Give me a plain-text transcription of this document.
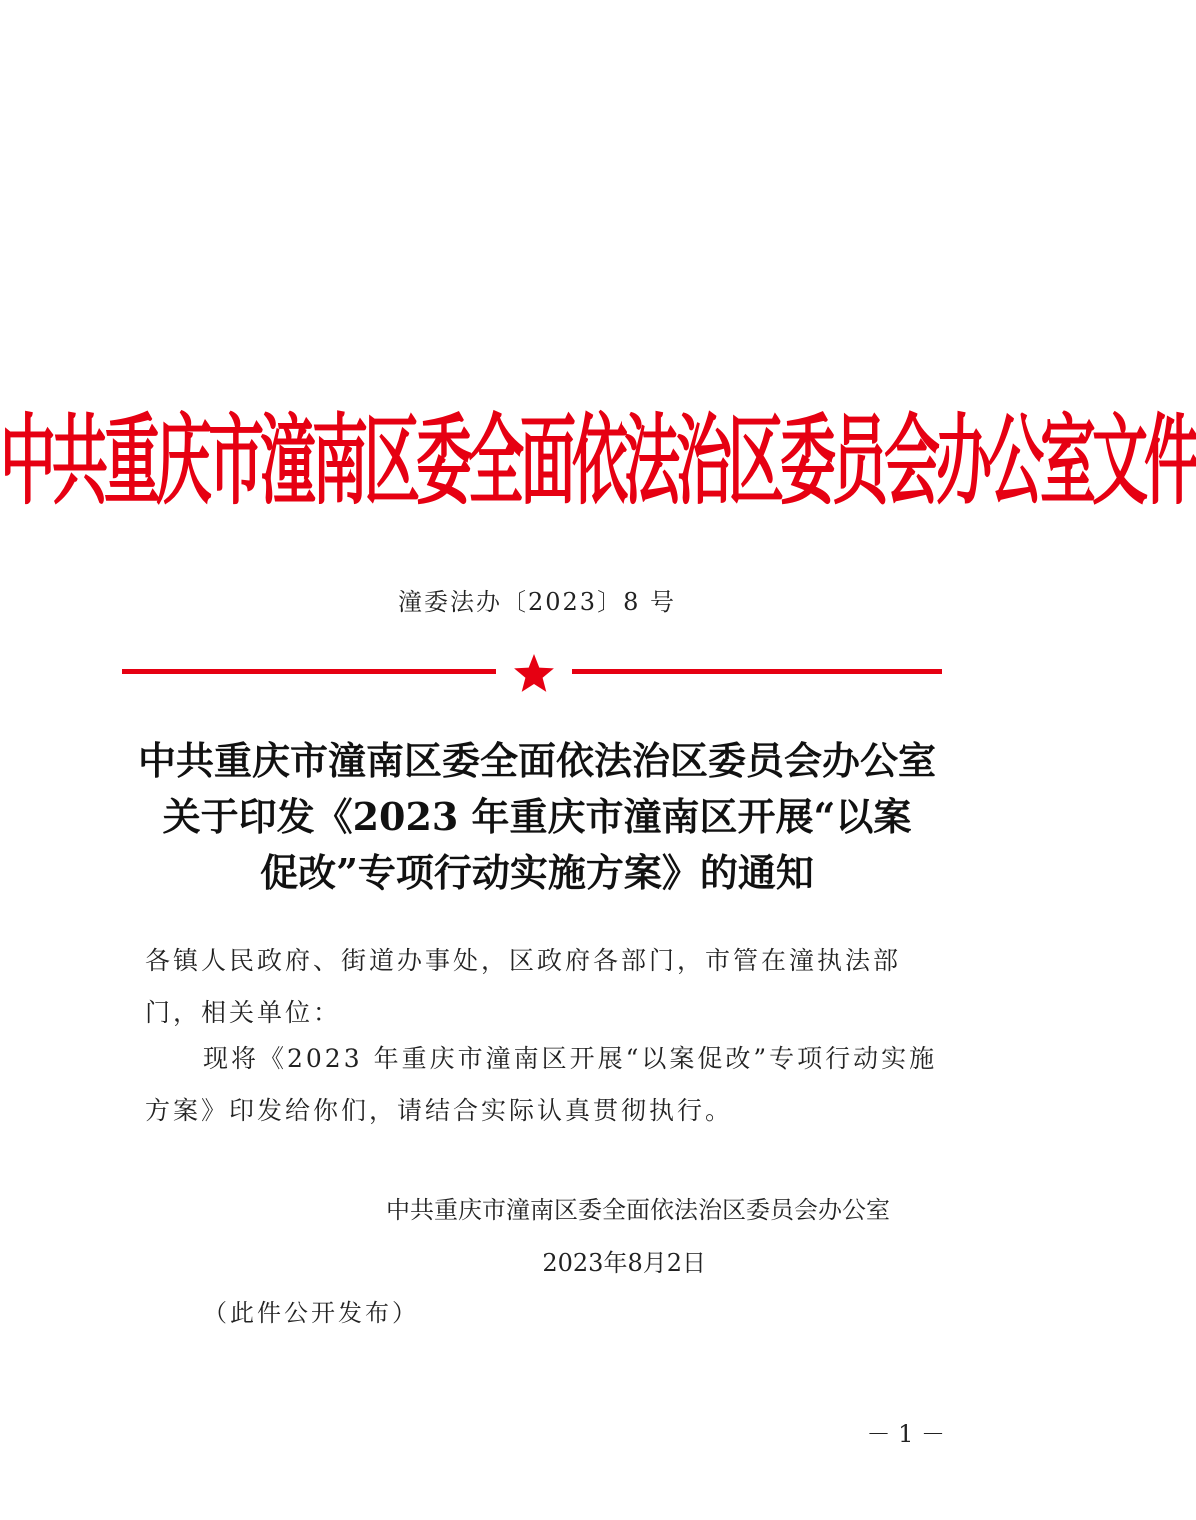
中共重庆市潼南区委全面依法治区委员会办公室文件
潼委法办〔2023〕8 号
中共重庆市潼南区委全面依法治区委员会办公室
关于印发《2023 年重庆市潼南区开展“以案
促改”专项行动实施方案》的通知
各镇人民政府、街道办事处，区政府各部门，市管在潼执法部门，相关单位：
现将《2023 年重庆市潼南区开展“以案促改”专项行动实施方案》印发给你们，请结合实际认真贯彻执行。
中共重庆市潼南区委全面依法治区委员会办公室
2023年8月2日
（此件公开发布）
－ 1 －
